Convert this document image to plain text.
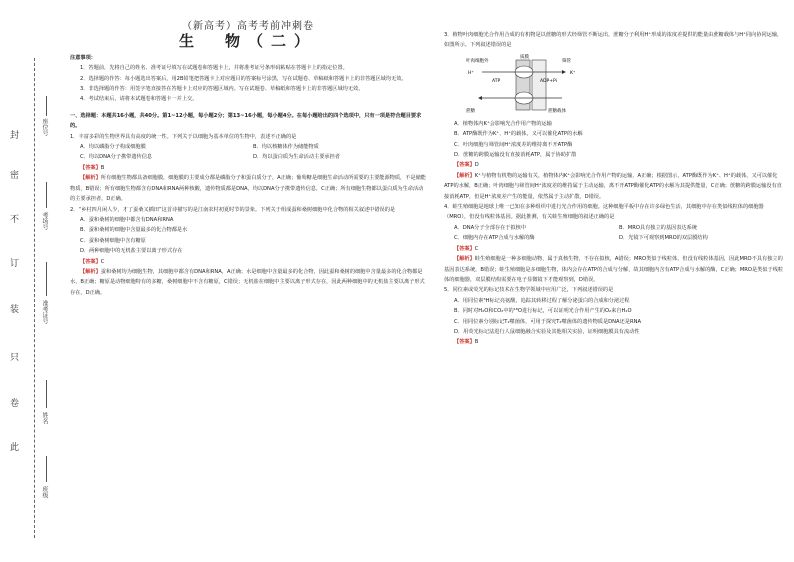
封
密
不
订
装
只
卷
此
座位号
考场号
准考证号
姓名
班级
（新高考）高考考前冲刺卷
生　物（二）

注意事项：

1．答题前，先将自己的姓名、准考证号填写在试题卷和答题卡上，并将准考证号条形码粘贴在答题卡上的指定位置。

2．选择题的作答：每小题选出答案后，用2B铅笔把答题卡上对应题目的答案标号涂黑，写在试题卷、草稿纸和答题卡上的非答题区域均无效。

3．非选择题的作答：用签字笔直接答在答题卡上对应的答题区域内。写在试题卷、草稿纸和答题卡上的非答题区域均无效。

4．考试结束后，请将本试题卷和答题卡一并上交。

一、选择题：本题共16小题，共40分。第1~12小题，每小题2分；第13~16小题，每小题4分。在每小题给出的四个选项中，只有一项是符合题目要求的。

1．丰富多彩的生物世界具有高度的统一性。下列关于以细胞为基本单位的生物中，表述不正确的是

A．均以磷脂分子构成细胞膜	B．均以核糖体作为储能物质
C．均以DNA分子携带遗传信息	D．均以蛋白质为生命活动主要承担者

【答案】B

【解析】所有细胞生物都具备细胞膜，细胞膜的主要成分都是磷脂分子和蛋白质分子，A正确；葡萄糖是细胞生命活动所需要的主要能源物质，不是储能物质，B错误；所有细胞生物都含有DNA和RNA两种核酸，遗传物质都是DNA，均以DNA分子携带遗传信息，C正确；所有细胞生物都以蛋白质为生命活动的主要承担者，D正确。

2．“乡村四月闲人少，才了蚕桑又插田”这首诗描写的是江南农村初夏时节的景象。下列关于组成蚕和桑树细胞中化合物的相关叙述中错误的是

A．蚕和桑树的细胞中都含有DNA和RNA
B．蚕和桑树的细胞中含量最多的化合物都是水
C．蚕和桑树细胞中含有糖原
D．两种细胞中的无机盐主要以离子形式存在

【答案】C

【解析】蚕和桑树均为细胞生物，其细胞中都含有DNA和RNA，A正确；水是细胞中含量最多的化合物，因此蚕和桑树的细胞中含量最多的化合物都是水，B正确；糖原是动物细胞特有的多糖，桑树细胞中不含有糖原，C错误；无机盐在细胞中主要以离子形式存在，因此两种细胞中的无机盐主要以离子形式存在，D正确。

3．植物叶肉细胞光合作用合成的有机物是以蔗糖的形式经筛管不断运出，蔗糖分子利用H⁺形成的浓度差提供的能量由蔗糖载体与H⁺同向协同运输，如图所示。下列叙述错误的是

叶肉细胞外	筛管
质膜
ATP	ADP+Pi
蔗糖
H⁺	K⁺
蔗糖载体
A．植物体内K⁺会影响光合作用产物的运输
B．ATP酶既作为K⁺、H⁺的载体，又可以催化ATP的水解
C．叶肉细胞与筛管间H⁺浓度差的维持离不开ATP酶
D．蔗糖的跨膜运输没有直接消耗ATP，属于协助扩散

【答案】D

【解析】K⁺与植物有机物的运输有关，植物体内K⁺会影响光合作用产物的运输，A正确；根据图示，ATP酶既作为K⁺、H⁺的载体，又可以催化ATP的水解，B正确；叶肉细胞与筛管间H⁺浓度差的维持属于主动运输，离不开ATP酶催化ATP的水解为其提供能量，C正确；蔗糖的跨膜运输没有直接消耗ATP，但是H⁺浓度差产生的能量，依然属于主动扩散，D错误。

4．蛙生殖细胞是地球上唯一已知在多种组织中进行光合作用的细胞。这种细胞平板中存在许多绿色生活，其细胞中存在类似线粒体的细胞器（MRO），但没有线粒体基因。据此推测，有关蛙生殖细胞的叙述正确的是

A．DNA分子全部存在于拟核中	B．MRO具有独立的基因表达系统
C．细胞内存在ATP合成与水解的酶	D．光镜下可观察到MRO的双层膜结构

【答案】C

【解析】蛙生殖细胞是一种多细胞动物，属于真核生物，不存在拟核，A错误；MRO类似于线粒体，但没有线粒体基因，因此MRO不具有独立的基因表达系统，B错误；蛙生殖细胞是多细胞生物，体内会存在ATP的合成与分解，故其细胞内含有ATP合成与水解的酶，C正确；MRO是类似于线粒体的细胞器，双层膜结构需要在电子显微镜下才能观察到，D错误。

5．同位素或荧光的标记技术在生物学领域中应用广泛，下列叙述错误的是

A．用同位素³H标记亮氨酸，追踪其转移过程了解分泌蛋白的合成和分泌过程
B．同时对H₂O和CO₂中的¹⁸O进行标记，可以证明光合作用产生的O₂来自H₂O
C．用同位素分别标记T₂噬菌体，可用于探究T₂噬菌体的遗传物质是DNA还是RNA
D．用荧光标记法进行人鼠细胞融合实验及其他相关实验，证明细胞膜具有流动性

【答案】B
